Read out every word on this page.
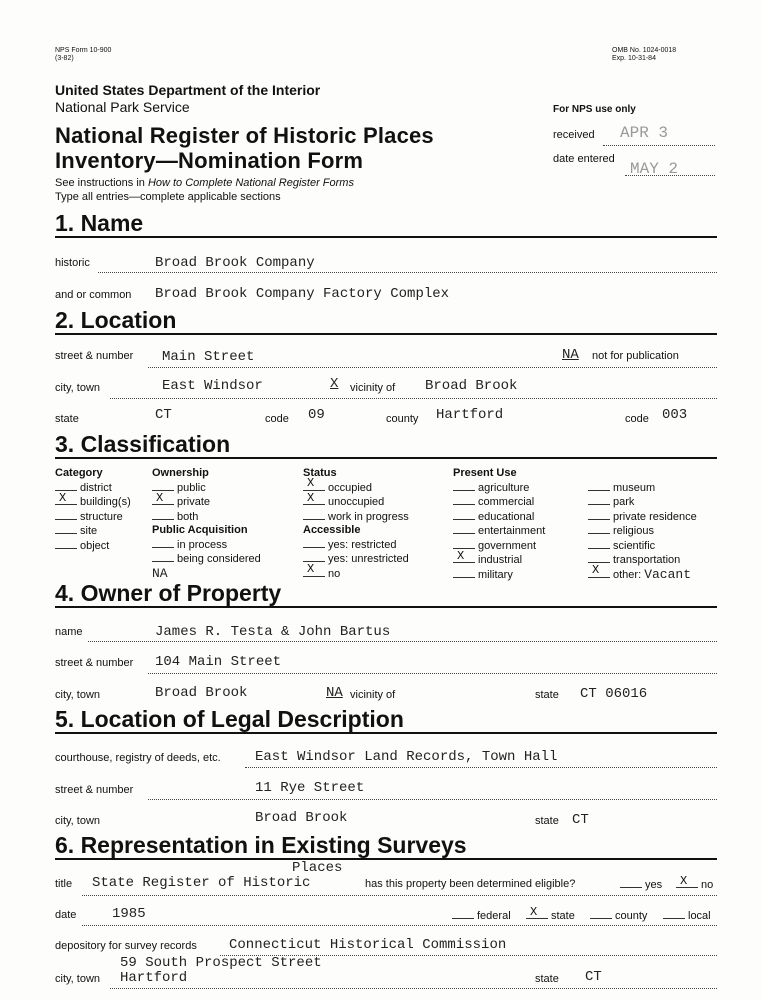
NPS Form 10-900
(3-82)
OMB No. 1024-0018
Exp. 10-31-84
United States Department of the Interior
National Park Service
National Register of Historic Places
Inventory—Nomination Form
See instructions in How to Complete National Register Forms
Type all entries—complete applicable sections
For NPS use only
received APR 3
date entered
MAY 2
1. Name
historic	Broad Brook Company
and or common Broad Brook Company Factory Complex
2. Location
street & number Main Street	NA not for publication
city, town	East Windsor	X vicinity of Broad Brook
state	CT	code 09	county Hartford	code 003
3. Classification
Category
district
X building(s)
structure
site
object
Ownership
public
X private
both
Public Acquisition
in process
being considered
NA
Status
X occupied
X unoccupied
work in progress
Accessible
yes: restricted
yes: unrestricted
X no
Present Use
agriculture
commercial
educational
entertainment
government
X industrial
military
museum
park
private residence
religious
scientific
transportation
X other: Vacant
4. Owner of Property
name	James R. Testa & John Bartus
street & number 104 Main Street
city, town	Broad Brook	NA vicinity of	state CT 06016
5. Location of Legal Description
courthouse, registry of deeds, etc. East Windsor Land Records, Town Hall
street & number	11 Rye Street
city, town	Broad Brook	state CT
6. Representation in Existing Surveys
Places
title State Register of Historic	has this property been determined eligible?	yes X no
date	1985	federal X state	county	local
depository for survey records Connecticut Historical Commission
59 South Prospect Street
city, town Hartford	state CT
